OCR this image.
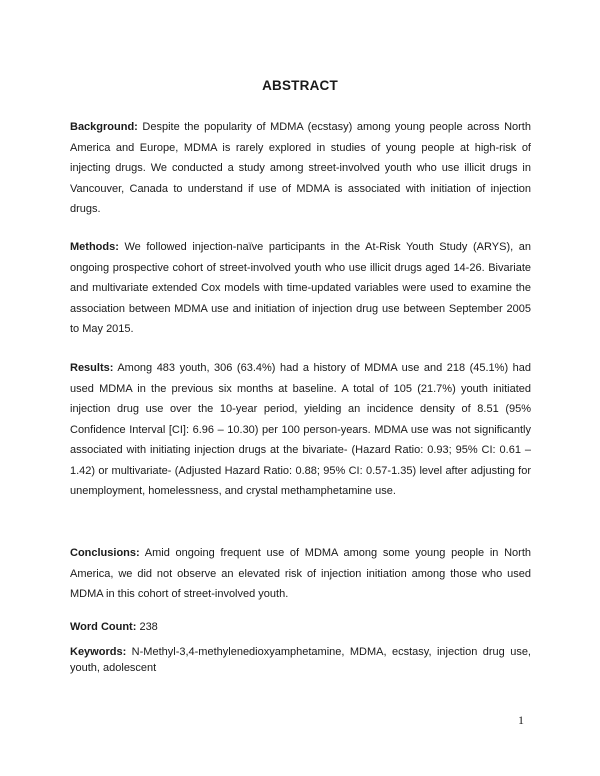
ABSTRACT

Background: Despite the popularity of MDMA (ecstasy) among young people across North America and Europe, MDMA is rarely explored in studies of young people at high-risk of injecting drugs. We conducted a study among street-involved youth who use illicit drugs in Vancouver, Canada to understand if use of MDMA is associated with initiation of injection drugs.

Methods: We followed injection-naïve participants in the At-Risk Youth Study (ARYS), an ongoing prospective cohort of street-involved youth who use illicit drugs aged 14-26. Bivariate and multivariate extended Cox models with time-updated variables were used to examine the association between MDMA use and initiation of injection drug use between September 2005 to May 2015.

Results: Among 483 youth, 306 (63.4%) had a history of MDMA use and 218 (45.1%) had used MDMA in the previous six months at baseline. A total of 105 (21.7%) youth initiated injection drug use over the 10-year period, yielding an incidence density of 8.51 (95% Confidence Interval [CI]: 6.96 – 10.30) per 100 person-years. MDMA use was not significantly associated with initiating injection drugs at the bivariate- (Hazard Ratio: 0.93; 95% CI: 0.61 – 1.42) or multivariate- (Adjusted Hazard Ratio: 0.88; 95% CI: 0.57-1.35) level after adjusting for unemployment, homelessness, and crystal methamphetamine use.

Conclusions: Amid ongoing frequent use of MDMA among some young people in North America, we did not observe an elevated risk of injection initiation among those who used MDMA in this cohort of street-involved youth.

Word Count: 238

Keywords: N-Methyl-3,4-methylenedioxyamphetamine, MDMA, ecstasy, injection drug use, youth, adolescent

1
